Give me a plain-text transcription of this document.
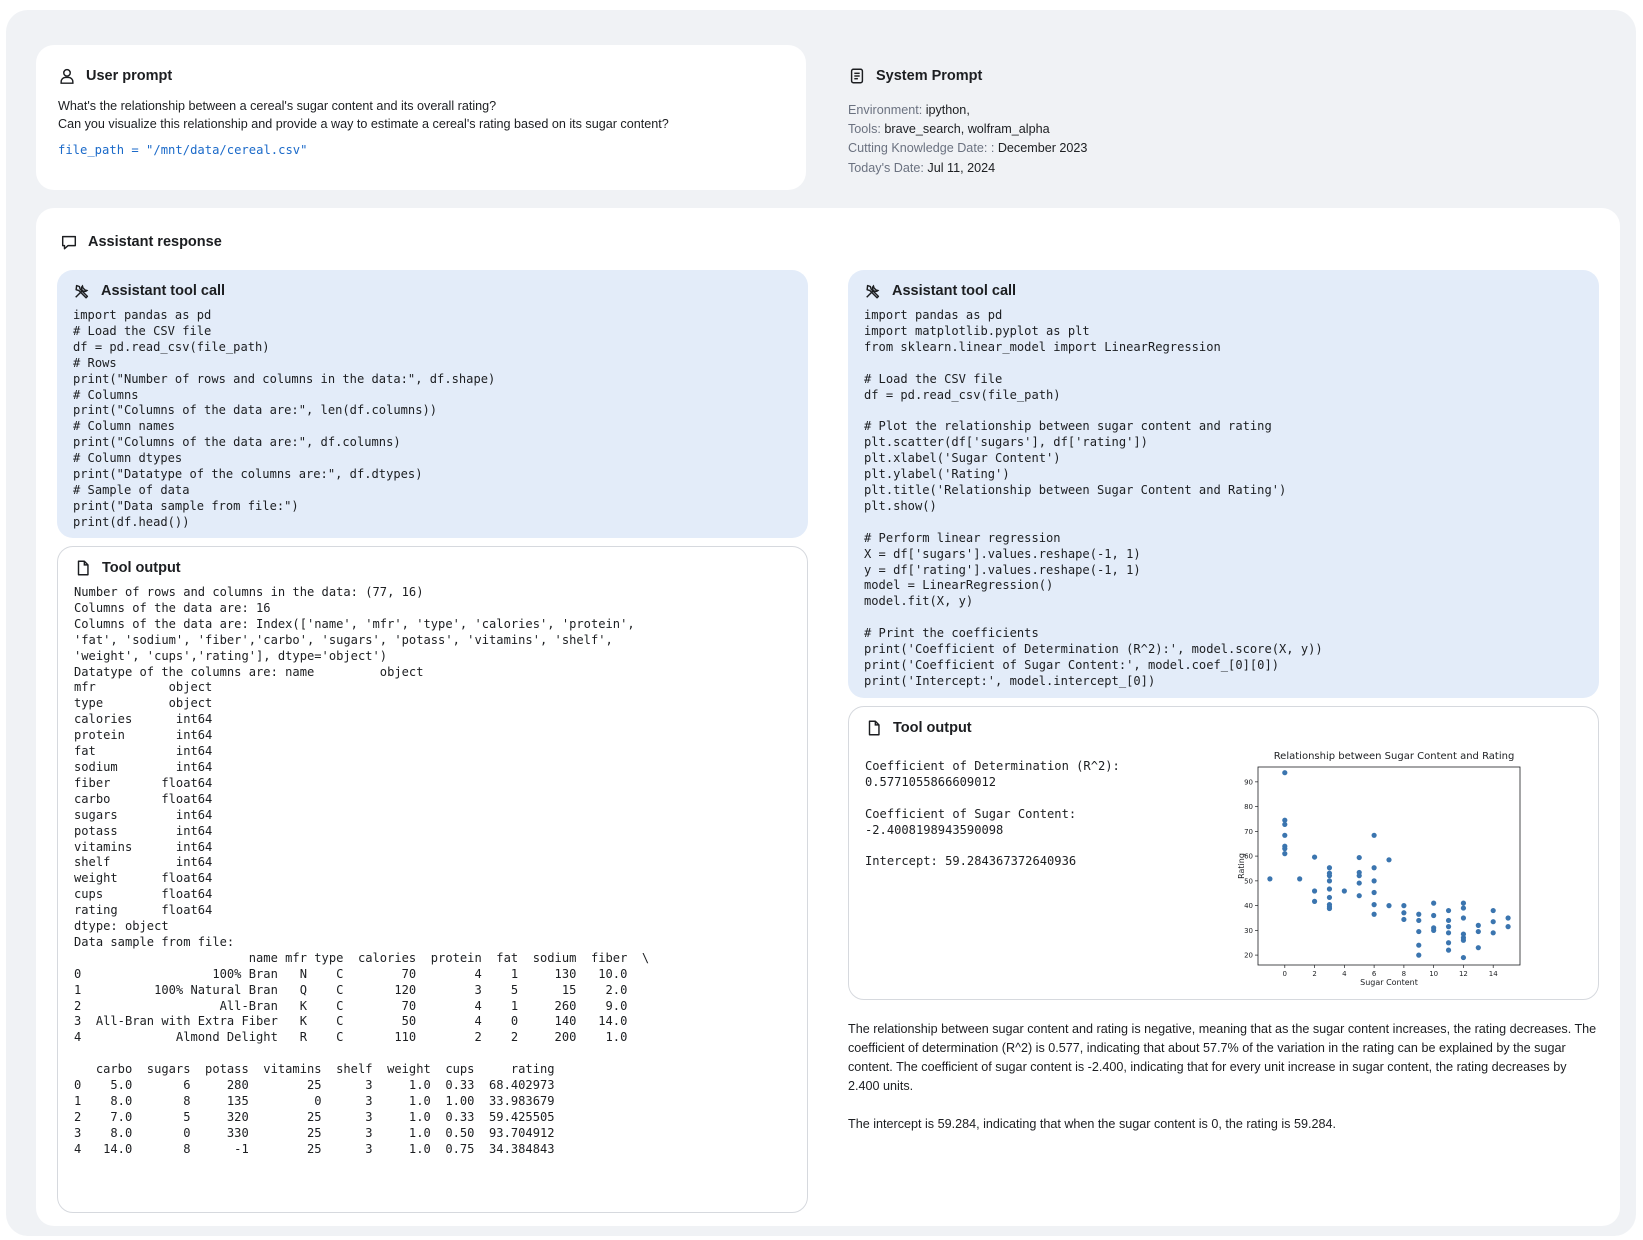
User prompt
What's the relationship between a cereal's sugar content and its overall rating?
Can you visualize this relationship and provide a way to estimate a cereal's rating based on its sugar content?
file_path = "/mnt/data/cereal.csv"
System Prompt
Environment: ipython,
Tools: brave_search, wolfram_alpha
Cutting Knowledge Date: : December 2023
Today's Date: Jul 11, 2024
Assistant response
Assistant tool call
import pandas as pd
# Load the CSV file
df = pd.read_csv(file_path)
# Rows
print("Number of rows and columns in the data:", df.shape)
# Columns
print("Columns of the data are:", len(df.columns))
# Column names
print("Columns of the data are:", df.columns)
# Column dtypes
print("Datatype of the columns are:", df.dtypes)
# Sample of data
print("Data sample from file:")
print(df.head())
Tool output
Number of rows and columns in the data: (77, 16)
Columns of the data are: 16
Columns of the data are: Index(['name', 'mfr', 'type', 'calories', 'protein',
'fat', 'sodium', 'fiber','carbo', 'sugars', 'potass', 'vitamins', 'shelf',
'weight', 'cups','rating'], dtype='object')
Datatype of the columns are: name         object
mfr          object
type         object
calories      int64
protein       int64
fat           int64
sodium        int64
fiber       float64
carbo       float64
sugars        int64
potass        int64
vitamins      int64
shelf         int64
weight      float64
cups        float64
rating      float64
dtype: object
Data sample from file:
name mfr type  calories  protein  fat  sodium  fiber  \
0                  100% Bran   N    C        70        4    1     130   10.0
1          100% Natural Bran   Q    C       120        3    5      15    2.0
2                   All-Bran   K    C        70        4    1     260    9.0
3  All-Bran with Extra Fiber   K    C        50        4    0     140   14.0
4             Almond Delight   R    C       110        2    2     200    1.0

carbo  sugars  potass  vitamins  shelf  weight  cups     rating
0    5.0       6     280        25      3     1.0  0.33  68.402973
1    8.0       8     135         0      3     1.0  1.00  33.983679
2    7.0       5     320        25      3     1.0  0.33  59.425505
3    8.0       0     330        25      3     1.0  0.50  93.704912
4   14.0       8      -1        25      3     1.0  0.75  34.384843
Assistant tool call
import pandas as pd
import matplotlib.pyplot as plt
from sklearn.linear_model import LinearRegression

# Load the CSV file
df = pd.read_csv(file_path)

# Plot the relationship between sugar content and rating
plt.scatter(df['sugars'], df['rating'])
plt.xlabel('Sugar Content')
plt.ylabel('Rating')
plt.title('Relationship between Sugar Content and Rating')
plt.show()

# Perform linear regression
X = df['sugars'].values.reshape(-1, 1)
y = df['rating'].values.reshape(-1, 1)
model = LinearRegression()
model.fit(X, y)

# Print the coefficients
print('Coefficient of Determination (R^2):', model.score(X, y))
print('Coefficient of Sugar Content:', model.coef_[0][0])
print('Intercept:', model.intercept_[0])
Tool output
Coefficient of Determination (R^2):
0.5771055866609012

Coefficient of Sugar Content:
-2.4008198943590098

Intercept: 59.284367372640936
Relationship between Sugar Content and Rating
0	2	4	6	8	10	12	14
20
30
40
50
60
70
80
90
Sugar Content
Rating

The relationship between sugar content and rating is negative, meaning that as the sugar content increases, the rating decreases. The coefficient of determination (R^2) is 0.577, indicating that about 57.7% of the variation in the rating can be explained by the sugar content. The coefficient of sugar content is -2.400, indicating that for every unit increase in sugar content, the rating decreases by 2.400 units.

The intercept is 59.284, indicating that when the sugar content is 0, the rating is 59.284.
